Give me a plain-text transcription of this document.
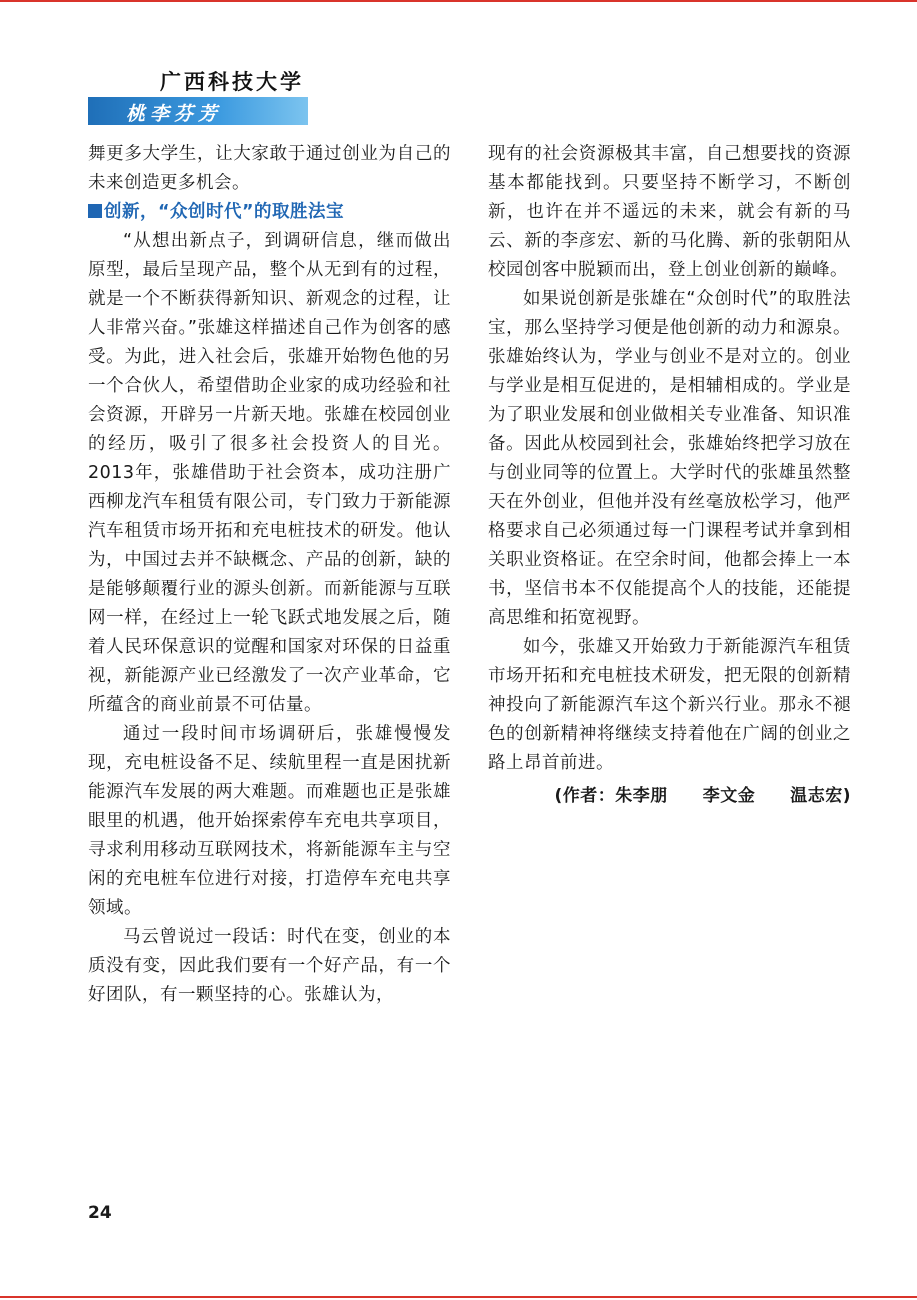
广西科技大学
桃李芬芳

舞更多大学生，让大家敢于通过创业为自己的未来创造更多机会。

创新，“众创时代”的取胜法宝

“从想出新点子，到调研信息，继而做出原型，最后呈现产品，整个从无到有的过程，就是一个不断获得新知识、新观念的过程，让人非常兴奋。”张雄这样描述自己作为创客的感受。为此，进入社会后，张雄开始物色他的另一个合伙人，希望借助企业家的成功经验和社会资源，开辟另一片新天地。张雄在校园创业的经历，吸引了很多社会投资人的目光。2013年，张雄借助于社会资本，成功注册广西柳龙汽车租赁有限公司，专门致力于新能源汽车租赁市场开拓和充电桩技术的研发。他认为，中国过去并不缺概念、产品的创新，缺的是能够颠覆行业的源头创新。而新能源与互联网一样，在经过上一轮飞跃式地发展之后，随着人民环保意识的觉醒和国家对环保的日益重视，新能源产业已经激发了一次产业革命，它所蕴含的商业前景不可估量。

通过一段时间市场调研后，张雄慢慢发现，充电桩设备不足、续航里程一直是困扰新能源汽车发展的两大难题。而难题也正是张雄眼里的机遇，他开始探索停车充电共享项目，寻求利用移动互联网技术，将新能源车主与空闲的充电桩车位进行对接，打造停车充电共享领域。

马云曾说过一段话：时代在变，创业的本质没有变，因此我们要有一个好产品，有一个好团队，有一颗坚持的心。张雄认为，

现有的社会资源极其丰富，自己想要找的资源基本都能找到。只要坚持不断学习，不断创新，也许在并不遥远的未来，就会有新的马云、新的李彦宏、新的马化腾、新的张朝阳从校园创客中脱颖而出，登上创业创新的巅峰。

如果说创新是张雄在“众创时代”的取胜法宝，那么坚持学习便是他创新的动力和源泉。张雄始终认为，学业与创业不是对立的。创业与学业是相互促进的，是相辅相成的。学业是为了职业发展和创业做相关专业准备、知识准备。因此从校园到社会，张雄始终把学习放在与创业同等的位置上。大学时代的张雄虽然整天在外创业，但他并没有丝毫放松学习，他严格要求自己必须通过每一门课程考试并拿到相关职业资格证。在空余时间，他都会捧上一本书，坚信书本不仅能提高个人的技能，还能提高思维和拓宽视野。

如今，张雄又开始致力于新能源汽车租赁市场开拓和充电桩技术研发，把无限的创新精神投向了新能源汽车这个新兴行业。那永不褪色的创新精神将继续支持着他在广阔的创业之路上昂首前进。

(作者：朱李朋　　李文金　　温志宏)

24
